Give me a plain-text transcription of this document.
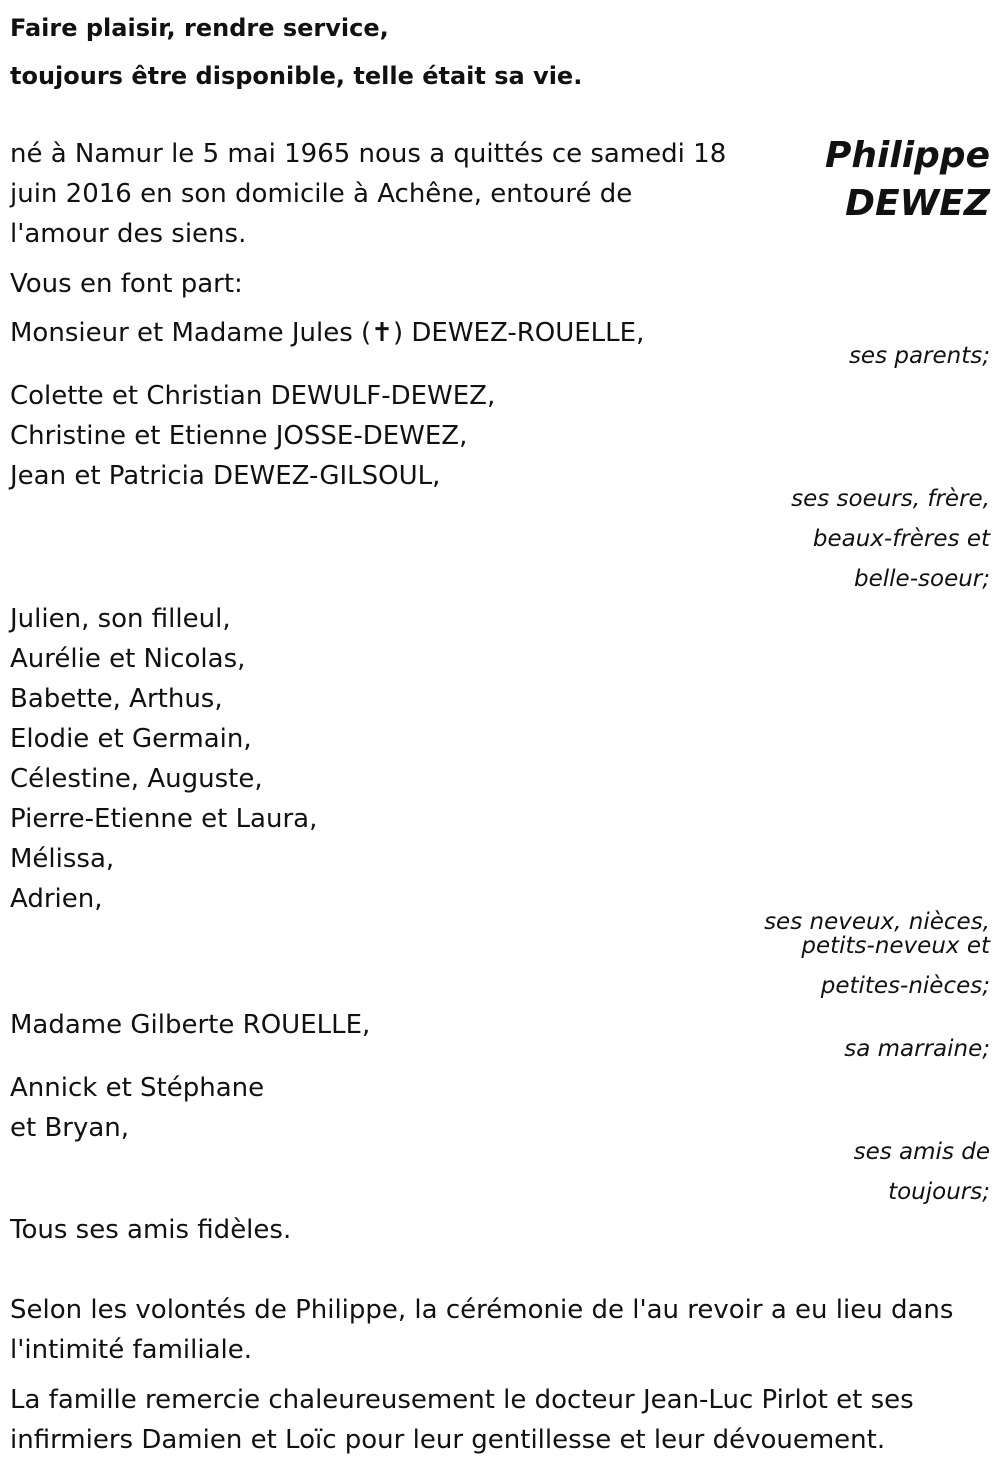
Faire plaisir, rendre service,
toujours être disponible, telle était sa vie.
Philippe
DEWEZ
né à Namur le 5 mai 1965 nous a quittés ce samedi 18
juin 2016 en son domicile à Achêne, entouré de
l'amour des siens.
Vous en font part:
Monsieur et Madame Jules (✝) DEWEZ-ROUELLE,
ses parents;
Colette et Christian DEWULF-DEWEZ,
Christine et Etienne JOSSE-DEWEZ,
Jean et Patricia DEWEZ-GILSOUL,
ses soeurs, frère,
beaux-frères et
belle-soeur;
Julien, son filleul,
Aurélie et Nicolas,
Babette, Arthus,
Elodie et Germain,
Célestine, Auguste,
Pierre-Etienne et Laura,
Mélissa,
Adrien,
ses neveux, nièces,
petits-neveux et
petites-nièces;
Madame Gilberte ROUELLE,
sa marraine;
Annick et Stéphane
et Bryan,
ses amis de
toujours;
Tous ses amis fidèles.
Selon les volontés de Philippe, la cérémonie de l'au revoir a eu lieu dans l'intimité familiale.
La famille remercie chaleureusement le docteur Jean-Luc Pirlot et ses infirmiers Damien et Loïc pour leur gentillesse et leur dévouement.
